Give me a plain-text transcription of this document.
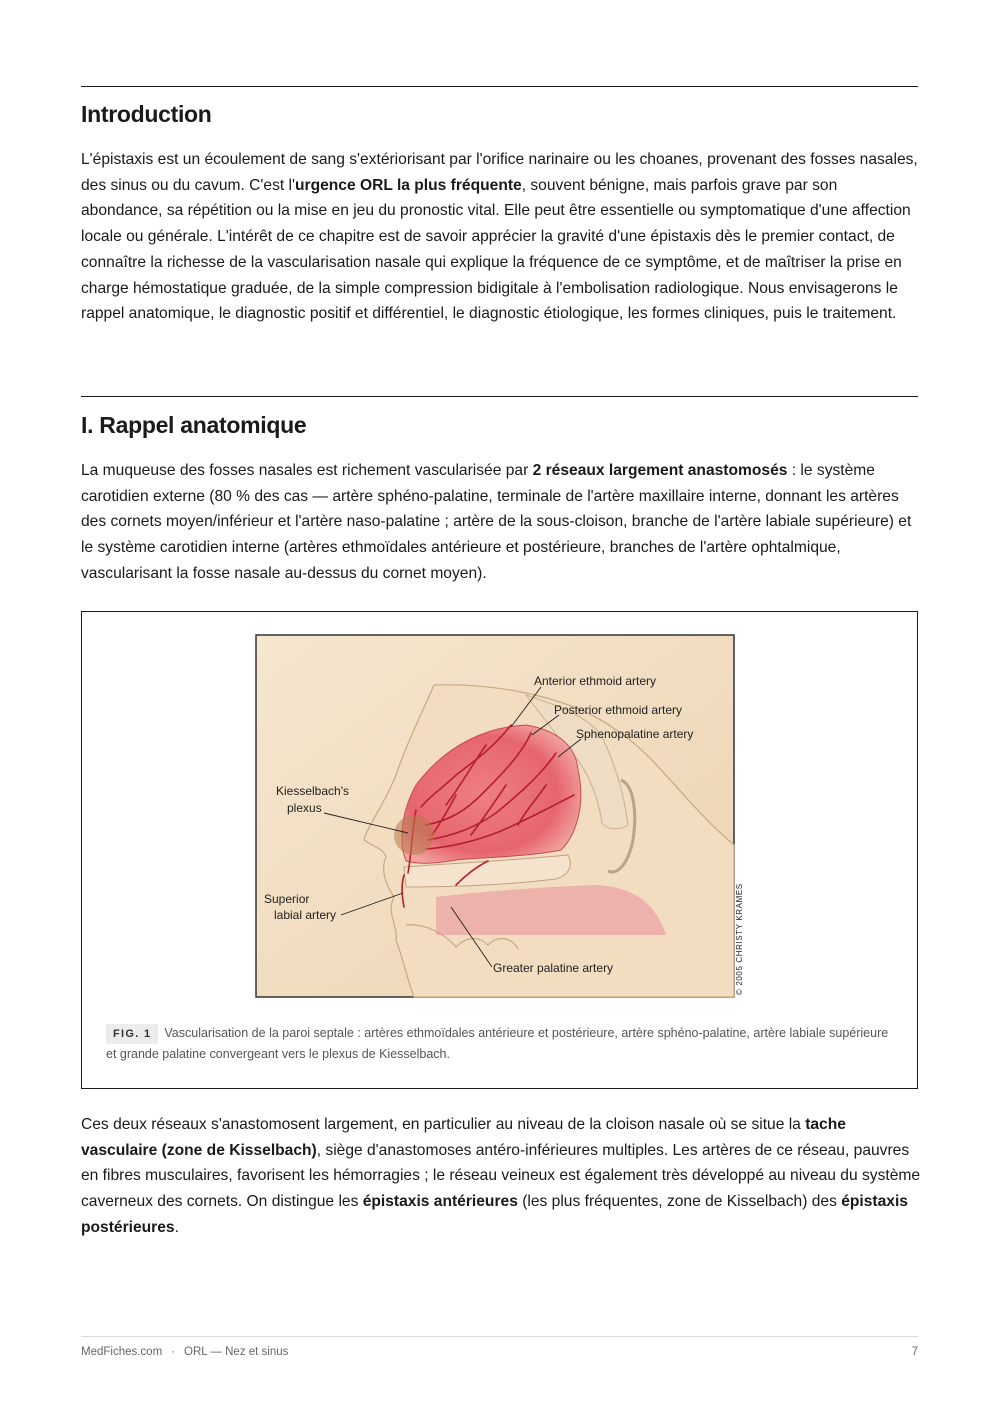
Introduction

L'épistaxis est un écoulement de sang s'extériorisant par l'orifice narinaire ou les choanes, provenant des fosses nasales, des sinus ou du cavum. C'est l'urgence ORL la plus fréquente, souvent bénigne, mais parfois grave par son abondance, sa répétition ou la mise en jeu du pronostic vital. Elle peut être essentielle ou symptomatique d'une affection locale ou générale. L'intérêt de ce chapitre est de savoir apprécier la gravité d'une épistaxis dès le premier contact, de connaître la richesse de la vascularisation nasale qui explique la fréquence de ce symptôme, et de maîtriser la prise en charge hémostatique graduée, de la simple compression bidigitale à l'embolisation radiologique. Nous envisagerons le rappel anatomique, le diagnostic positif et différentiel, le diagnostic étiologique, les formes cliniques, puis le traitement.

I. Rappel anatomique

La muqueuse des fosses nasales est richement vascularisée par 2 réseaux largement anastomosés : le système carotidien externe (80 % des cas — artère sphéno-palatine, terminale de l'artère maxillaire interne, donnant les artères des cornets moyen/inférieur et l'artère naso-palatine ; artère de la sous-cloison, branche de l'artère labiale supérieure) et le système carotidien interne (artères ethmoïdales antérieure et postérieure, branches de l'artère ophtalmique, vascularisant la fosse nasale au-dessus du cornet moyen).

Anterior ethmoid artery
Posterior ethmoid artery
Sphenopalatine artery
Kiesselbach's
plexus
Superior
labial artery
Greater palatine artery	© 2005 CHRISTY KRAMES
FIG. 1 Vascularisation de la paroi septale : artères ethmoïdales antérieure et postérieure, artère sphéno-palatine, artère labiale supérieure et grande palatine convergeant vers le plexus de Kiesselbach.

Ces deux réseaux s'anastomosent largement, en particulier au niveau de la cloison nasale où se situe la tache vasculaire (zone de Kisselbach), siège d'anastomoses antéro-inférieures multiples. Les artères de ce réseau, pauvres en fibres musculaires, favorisent les hémorragies ; le réseau veineux est également très développé au niveau du système caverneux des cornets. On distingue les épistaxis antérieures (les plus fréquentes, zone de Kisselbach) des épistaxis postérieures.

MedFiches.com · ORL — Nez et sinus	7
